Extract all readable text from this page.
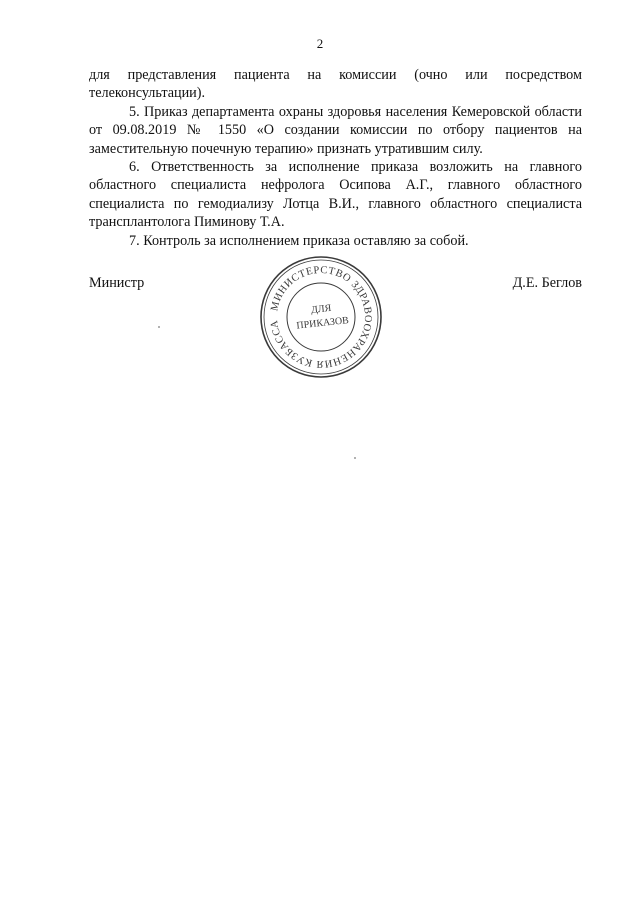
2

для представления пациента на комиссии (очно или посредством телеконсультации).

5. Приказ департамента охраны здоровья населения Кемеровской области от 09.08.2019 № 1550 «О создании комиссии по отбору пациентов на заместительную почечную терапию» признать утратившим силу.

6. Ответственность за исполнение приказа возложить на главного областного специалиста нефролога Осипова А.Г., главного областного специалиста по гемодиализу Лотца В.И., главного областного специалиста трансплантолога Пиминову Т.А.

7. Контроль за исполнением приказа оставляю за собой.

Министр	Д.Е. Беглов
МИНИСТЕРСТВО ЗДРАВООХРАНЕНИЯ КУЗБАССА
ДЛЯ
ПРИКАЗОВ
